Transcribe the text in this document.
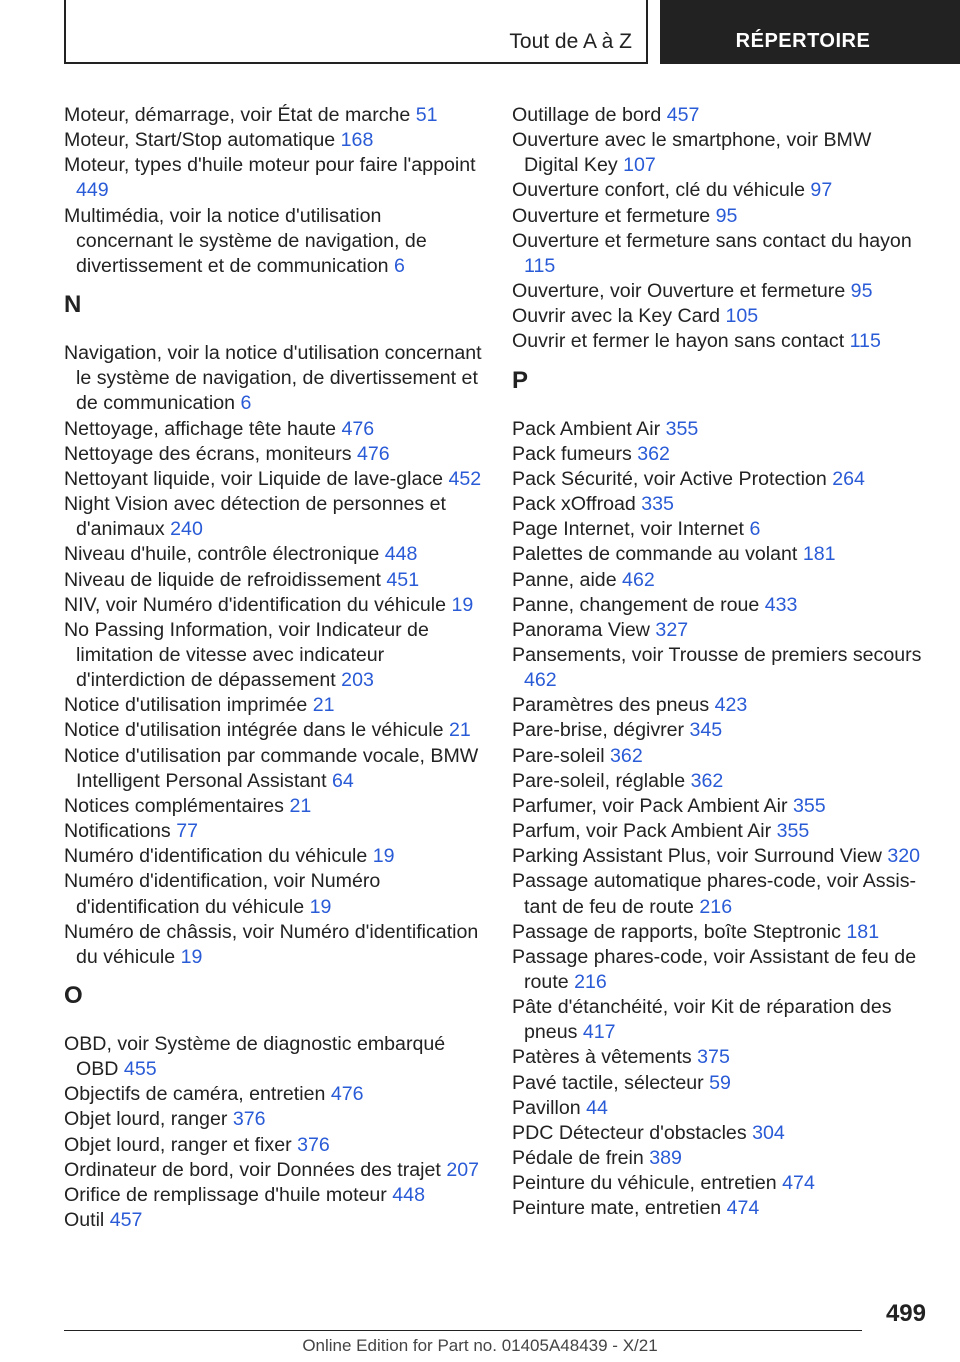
Tout de A à Z	RÉPERTOIRE

Moteur, démarrage, voir État de marche 51

Moteur, Start/Stop automatique 168

Moteur, types d'huile moteur pour faire l'appoint 449

Multimédia, voir la notice d'utilisation concernant le système de navigation, de divertissement et de communication 6

N

Navigation, voir la notice d'utilisation concernant le système de navigation, de divertissement et de communication 6

Nettoyage, affichage tête haute 476

Nettoyage des écrans, moniteurs 476

Nettoyant liquide, voir Liquide de lave-glace 452

Night Vision avec détection de personnes et d'animaux 240

Niveau d'huile, contrôle électronique 448

Niveau de liquide de refroidissement 451

NIV, voir Numéro d'identification du véhicule 19

No Passing Information, voir Indicateur de limitation de vitesse avec indicateur d'interdiction de dépassement 203

Notice d'utilisation imprimée 21

Notice d'utilisation intégrée dans le véhicule 21

Notice d'utilisation par commande vocale, BMW Intelligent Personal Assistant 64

Notices complémentaires 21

Notifications 77

Numéro d'identification du véhicule 19

Numéro d'identification, voir Numéro d'identification du véhicule 19

Numéro de châssis, voir Numéro d'identification du véhicule 19

O

OBD, voir Système de diagnostic embarqué OBD 455

Objectifs de caméra, entretien 476

Objet lourd, ranger 376

Objet lourd, ranger et fixer 376

Ordinateur de bord, voir Données des trajet 207

Orifice de remplissage d'huile moteur 448

Outil 457

Outillage de bord 457

Ouverture avec le smartphone, voir BMW Digital Key 107

Ouverture confort, clé du véhicule 97

Ouverture et fermeture 95

Ouverture et fermeture sans contact du hayon 115

Ouverture, voir Ouverture et fermeture 95

Ouvrir avec la Key Card 105

Ouvrir et fermer le hayon sans contact 115

P

Pack Ambient Air 355

Pack fumeurs 362

Pack Sécurité, voir Active Protection 264

Pack xOffroad 335

Page Internet, voir Internet 6

Palettes de commande au volant 181

Panne, aide 462

Panne, changement de roue 433

Panorama View 327

Pansements, voir Trousse de premiers secours 462

Paramètres des pneus 423

Pare-brise, dégivrer 345

Pare-soleil 362

Pare-soleil, réglable 362

Parfumer, voir Pack Ambient Air 355

Parfum, voir Pack Ambient Air 355

Parking Assistant Plus, voir Surround View 320

Passage automatique phares-code, voir Assistant de feu de route 216

Passage de rapports, boîte Steptronic 181

Passage phares-code, voir Assistant de feu de route 216

Pâte d'étanchéité, voir Kit de réparation des pneus 417

Patères à vêtements 375

Pavé tactile, sélecteur 59

Pavillon 44

PDC Détecteur d'obstacles 304

Pédale de frein 389

Peinture du véhicule, entretien 474

Peinture mate, entretien 474

499
Online Edition for Part no. 01405A48439 - X/21
